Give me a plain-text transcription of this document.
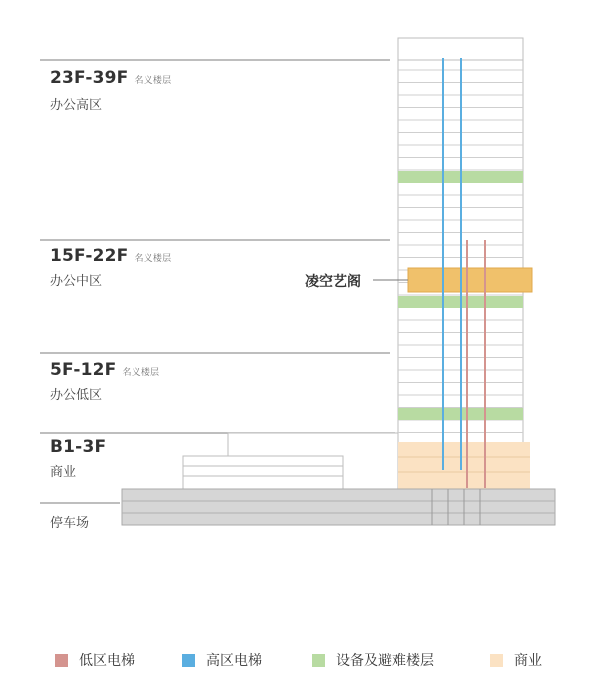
23F-39F 名义楼层
办公高区
15F-22F 名义楼层
办公中区
5F-12F 名义楼层
办公低区
B1-3F
商业
停车场
凌空艺阁
低区电梯	高区电梯	设备及避难楼层	商业
